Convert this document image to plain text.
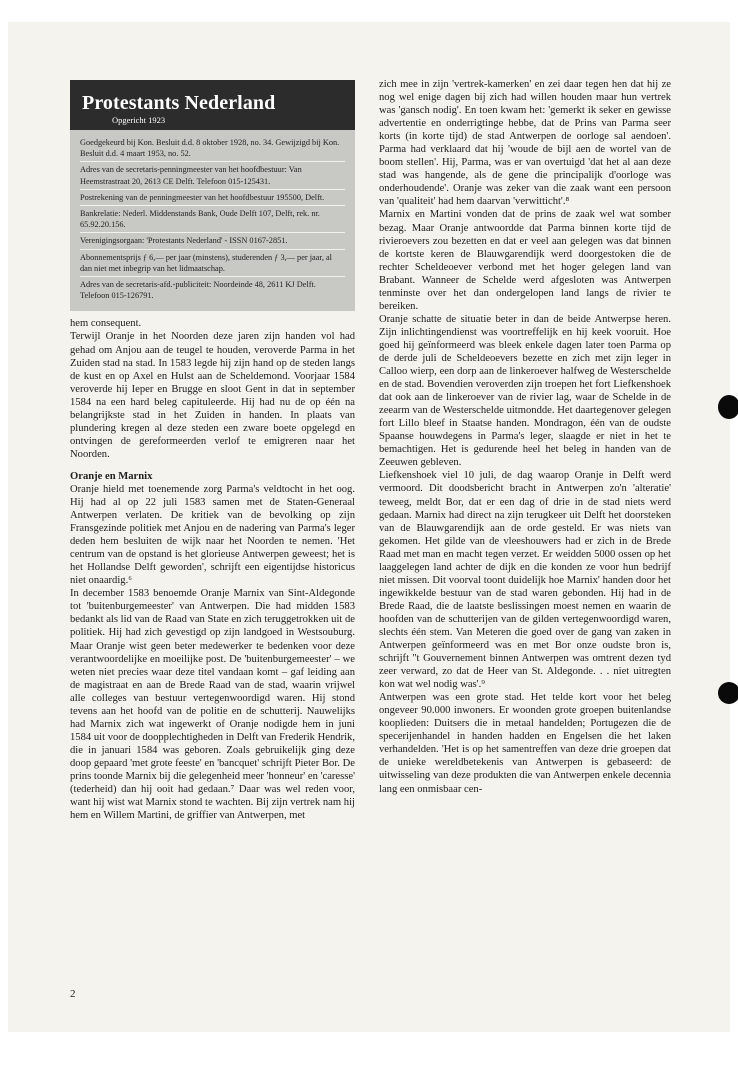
Protestants Nederland
Opgericht 1923
Goedgekeurd bij Kon. Besluit d.d. 8 oktober 1928, no. 34. Gewijzigd bij Kon. Besluit d.d. 4 maart 1953, no. 52.
Adres van de secretaris-penningmeester van het hoofdbestuur: Van Heemstrastraat 20, 2613 CE Delft. Telefoon 015-125431.
Postrekening van de penningmeester van het hoofdbestuur 195500, Delft.
Bankrelatie: Nederl. Middenstands Bank, Oude Delft 107, Delft, rek. nr. 65.92.20.156.
Verenigingsorgaan: 'Protestants Nederland' - ISSN 0167-2851.
Abonnementsprijs ƒ 6,— per jaar (minstens), studerenden ƒ 3,— per jaar, al dan niet met inbegrip van het lidmaatschap.
Adres van de secretaris-afd.-publiciteit: Noordeinde 48, 2611 KJ Delft. Telefoon 015-126791.

hem consequent.

Terwijl Oranje in het Noorden deze jaren zijn handen vol had gehad om Anjou aan de teugel te houden, veroverde Parma in het Zuiden stad na stad. In 1583 legde hij zijn hand op de steden langs de kust en op Axel en Hulst aan de Scheldemond. Voorjaar 1584 veroverde hij Ieper en Brugge en sloot Gent in dat in september 1584 na een hard beleg capituleerde. Hij had nu de op één na belangrijkste stad in het Zuiden in handen. In plaats van plundering kregen al deze steden een zware boete opgelegd en ontvingen de gereformeerden verlof te emigreren naar het Noorden.

Oranje en Marnix

Oranje hield met toenemende zorg Parma's veldtocht in het oog. Hij had al op 22 juli 1583 samen met de Staten-Generaal Antwerpen verlaten. De kritiek van de bevolking op zijn Fransgezinde politiek met Anjou en de nadering van Parma's leger deden hem besluiten de wijk naar het Noorden te nemen. 'Het centrum van de opstand is het glorieuse Antwerpen geweest; het is het Hollandse Delft geworden', schrijft een eigentijdse historicus niet onaardig.⁶

In december 1583 benoemde Oranje Marnix van Sint-Aldegonde tot 'buitenburgemeester' van Antwerpen. Die had midden 1583 bedankt als lid van de Raad van State en zich teruggetrokken uit de politiek. Hij had zich gevestigd op zijn landgoed in Westsouburg. Maar Oranje wist geen beter medewerker te bedenken voor deze verantwoordelijke en moeilijke post. De 'buitenburgemeester' – we weten niet precies waar deze titel vandaan komt – gaf leiding aan de magistraat en aan de Brede Raad van de stad, waarin vrijwel alle colleges van bestuur vertegenwoordigd waren. Hij stond tevens aan het hoofd van de politie en de schutterij. Nauwelijks had Marnix zich wat ingewerkt of Oranje nodigde hem in juni 1584 uit voor de doopplechtigheden in Delft van Frederik Hendrik, die in januari 1584 was geboren. Zoals gebruikelijk ging deze doop gepaard 'met grote feeste' en 'bancquet' schrijft Pieter Bor. De prins toonde Marnix bij die gelegenheid meer 'honneur' en 'caresse' (tederheid) dan hij ooit had gedaan.⁷ Daar was wel reden voor, want hij wist wat Marnix stond te wachten. Bij zijn vertrek nam hij hem en Willem Martini, de griffier van Antwerpen, met

zich mee in zijn 'vertrek-kamerken' en zei daar tegen hen dat hij ze nog wel enige dagen bij zich had willen houden maar hun vertrek was 'gansch nodig'. En toen kwam het: 'gemerkt ik seker en gewisse advertentie en onderrigtinge hebbe, dat de Prins van Parma seer korts (in korte tijd) de stad Antwerpen de oorloge sal aendoen'. Parma had verklaard dat hij 'woude de bijl aen de wortel van de boom stellen'. Hij, Parma, was er van overtuigd 'dat het al aan deze stad was hangende, als de gene die principalijk d'oorloge was onderhoudende'. Oranje was zeker van die zaak want een persoon van 'qualiteit' had hem daarvan 'verwitticht'.⁸

Marnix en Martini vonden dat de prins de zaak wel wat somber bezag. Maar Oranje antwoordde dat Parma binnen korte tijd de rivieroevers zou bezetten en dat er veel aan gelegen was dat binnen de kortste keren de Blauwgarendijk werd doorgestoken die de rechter Scheldeoever verbond met het hoger gelegen land van Brabant. Wanneer de Schelde werd afgesloten was Antwerpen tenminste over het dan ondergelopen land langs de rivier te bereiken.

Oranje schatte de situatie beter in dan de beide Antwerpse heren. Zijn inlichtingendienst was voortreffelijk en hij keek vooruit. Hoe goed hij geïnformeerd was bleek enkele dagen later toen Parma op de derde juli de Scheldeoevers bezette en zich met zijn leger in Calloo wierp, een dorp aan de linkeroever halfweg de Westerschelde en de stad. Bovendien veroverden zijn troepen het fort Liefkenshoek dat ook aan de linkeroever van de rivier lag, waar de Schelde in de zeearm van de Westerschelde uitmondde. Het daartegenover gelegen fort Lillo bleef in Staatse handen. Mondragon, één van de oudste Spaanse houwdegens in Parma's leger, slaagde er niet in het te bemachtigen. Het is gedurende heel het beleg in handen van de Zeeuwen gebleven.

Liefkenshoek viel 10 juli, de dag waarop Oranje in Delft werd vermoord. Dit doodsbericht bracht in Antwerpen zo'n 'alteratie' teweeg, meldt Bor, dat er een dag of drie in de stad niets werd gedaan. Marnix had direct na zijn terugkeer uit Delft het doorsteken van de Blauwgarendijk aan de orde gesteld. Er was niets van gekomen. Het gilde van de vleeshouwers had er zich in de Brede Raad met man en macht tegen verzet. Er weidden 5000 ossen op het laaggelegen land achter de dijk en die konden ze voor hun bedrijf niet missen. Dit voorval toont duidelijk hoe Marnix' handen door het ingewikkelde bestuur van de stad waren gebonden. Hij had in de Brede Raad, die de laatste beslissingen moest nemen en waarin de hoofden van de schutterijen van de gilden vertegenwoordigd waren, slechts één stem. Van Meteren die goed over de gang van zaken in Antwerpen geïnformeerd was en met Bor onze oudste bron is, schrijft ''t Gouvernement binnen Antwerpen was omtrent dezen tyd zeer verward, zo dat de Heer van St. Aldegonde. . . niet uitregten kon wat wel nodig was'.⁹

Antwerpen was een grote stad. Het telde kort voor het beleg ongeveer 90.000 inwoners. Er woonden grote groepen buitenlandse kooplieden: Duitsers die in metaal handelden; Portugezen die de specerijenhandel in handen hadden en Engelsen die het laken verhandelden. 'Het is op het samentreffen van deze drie groepen dat de unieke wereldbetekenis van Antwerpen is gebaseerd: de uitwisseling van deze produkten die van Antwerpen enkele decennia lang een onmisbaar cen-

2
